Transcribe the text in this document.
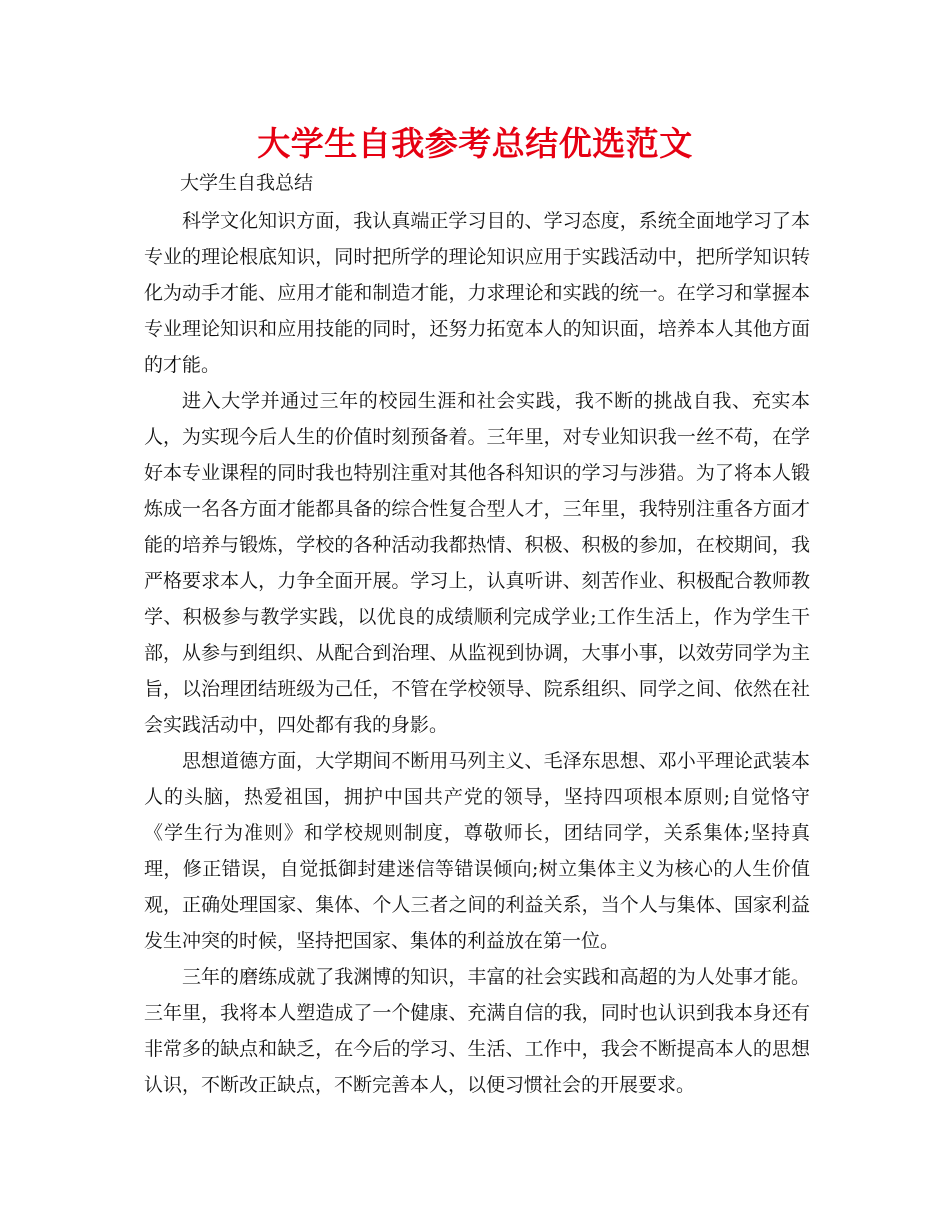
大学生自我参考总结优选范文
大学生自我总结

科学文化知识方面，我认真端正学习目的、学习态度，系统全面地学习了本专业的理论根底知识，同时把所学的理论知识应用于实践活动中，把所学知识转化为动手才能、应用才能和制造才能，力求理论和实践的统一。在学习和掌握本专业理论知识和应用技能的同时，还努力拓宽本人的知识面，培养本人其他方面的才能。

进入大学并通过三年的校园生涯和社会实践，我不断的挑战自我、充实本人，为实现今后人生的价值时刻预备着。三年里，对专业知识我一丝不苟，在学好本专业课程的同时我也特别注重对其他各科知识的学习与涉猎。为了将本人锻炼成一名各方面才能都具备的综合性复合型人才，三年里，我特别注重各方面才能的培养与锻炼，学校的各种活动我都热情、积极、积极的参加，在校期间，我严格要求本人，力争全面开展。学习上，认真听讲、刻苦作业、积极配合教师教学、积极参与教学实践，以优良的成绩顺利完成学业;工作生活上，作为学生干部，从参与到组织、从配合到治理、从监视到协调，大事小事，以效劳同学为主旨，以治理团结班级为己任，不管在学校领导、院系组织、同学之间、依然在社会实践活动中，四处都有我的身影。

思想道德方面，大学期间不断用马列主义、毛泽东思想、邓小平理论武装本人的头脑，热爱祖国，拥护中国共产党的领导，坚持四项根本原则;自觉恪守《学生行为准则》和学校规则制度，尊敬师长，团结同学，关系集体;坚持真理，修正错误，自觉抵御封建迷信等错误倾向;树立集体主义为核心的人生价值观，正确处理国家、集体、个人三者之间的利益关系，当个人与集体、国家利益发生冲突的时候，坚持把国家、集体的利益放在第一位。

三年的磨练成就了我渊博的知识，丰富的社会实践和高超的为人处事才能。三年里，我将本人塑造成了一个健康、充满自信的我，同时也认识到我本身还有非常多的缺点和缺乏，在今后的学习、生活、工作中，我会不断提高本人的思想认识，不断改正缺点，不断完善本人，以便习惯社会的开展要求。
